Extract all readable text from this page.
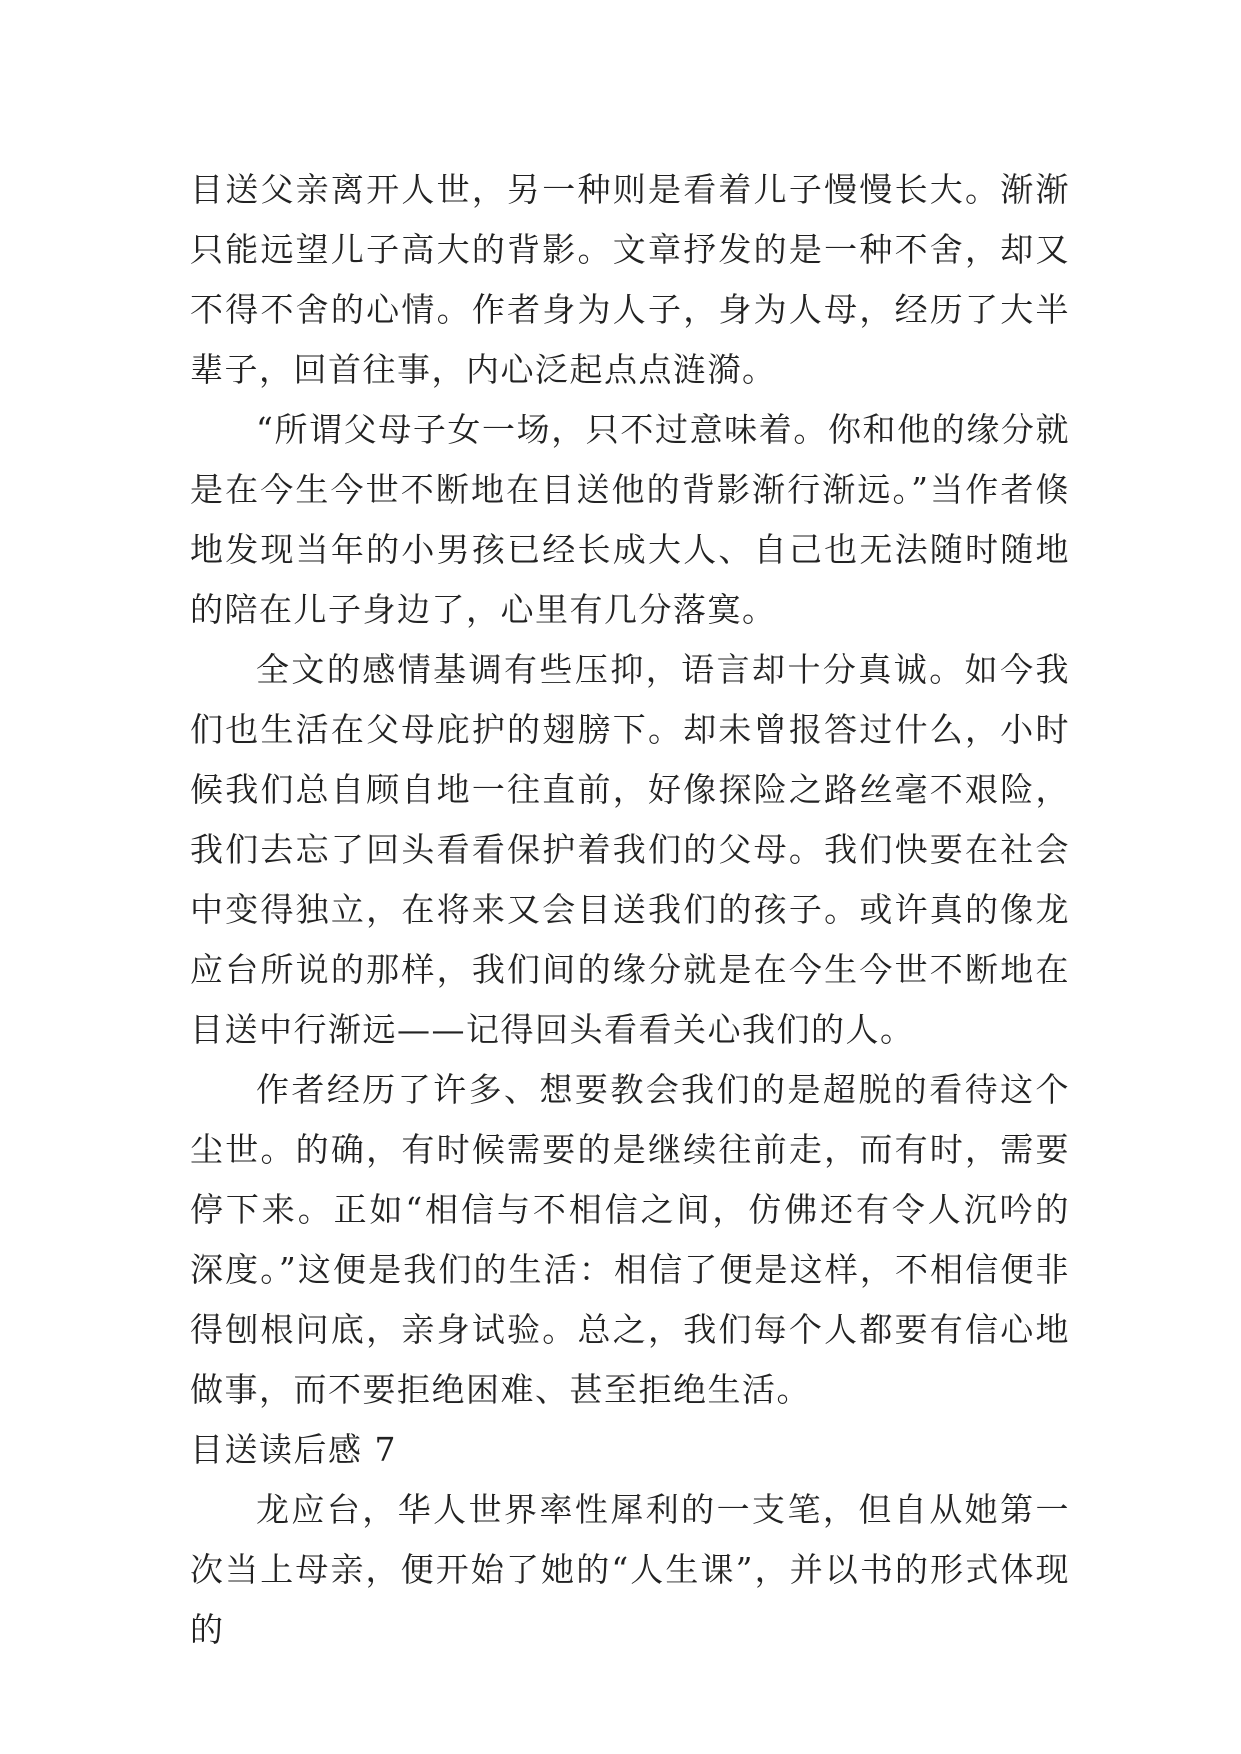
目送父亲离开人世，另一种则是看着儿子慢慢长大。渐渐只能远望儿子高大的背影。文章抒发的是一种不舍，却又不得不舍的心情。作者身为人子，身为人母，经历了大半辈子，回首往事，内心泛起点点涟漪。

“所谓父母子女一场，只不过意味着。你和他的缘分就是在今生今世不断地在目送他的背影渐行渐远。”当作者倏地发现当年的小男孩已经长成大人、自己也无法随时随地的陪在儿子身边了，心里有几分落寞。

全文的感情基调有些压抑，语言却十分真诚。如今我们也生活在父母庇护的翅膀下。却未曾报答过什么，小时候我们总自顾自地一往直前，好像探险之路丝毫不艰险，我们去忘了回头看看保护着我们的父母。我们快要在社会中变得独立，在将来又会目送我们的孩子。或许真的像龙应台所说的那样，我们间的缘分就是在今生今世不断地在目送中行渐远——记得回头看看关心我们的人。

作者经历了许多、想要教会我们的是超脱的看待这个尘世。的确，有时候需要的是继续往前走，而有时，需要停下来。正如“相信与不相信之间，仿佛还有令人沉吟的深度。”这便是我们的生活：相信了便是这样，不相信便非得刨根问底，亲身试验。总之，我们每个人都要有信心地做事，而不要拒绝困难、甚至拒绝生活。

目送读后感 7

龙应台，华人世界率性犀利的一支笔，但自从她第一次当上母亲，便开始了她的“人生课”，并以书的形式体现的
